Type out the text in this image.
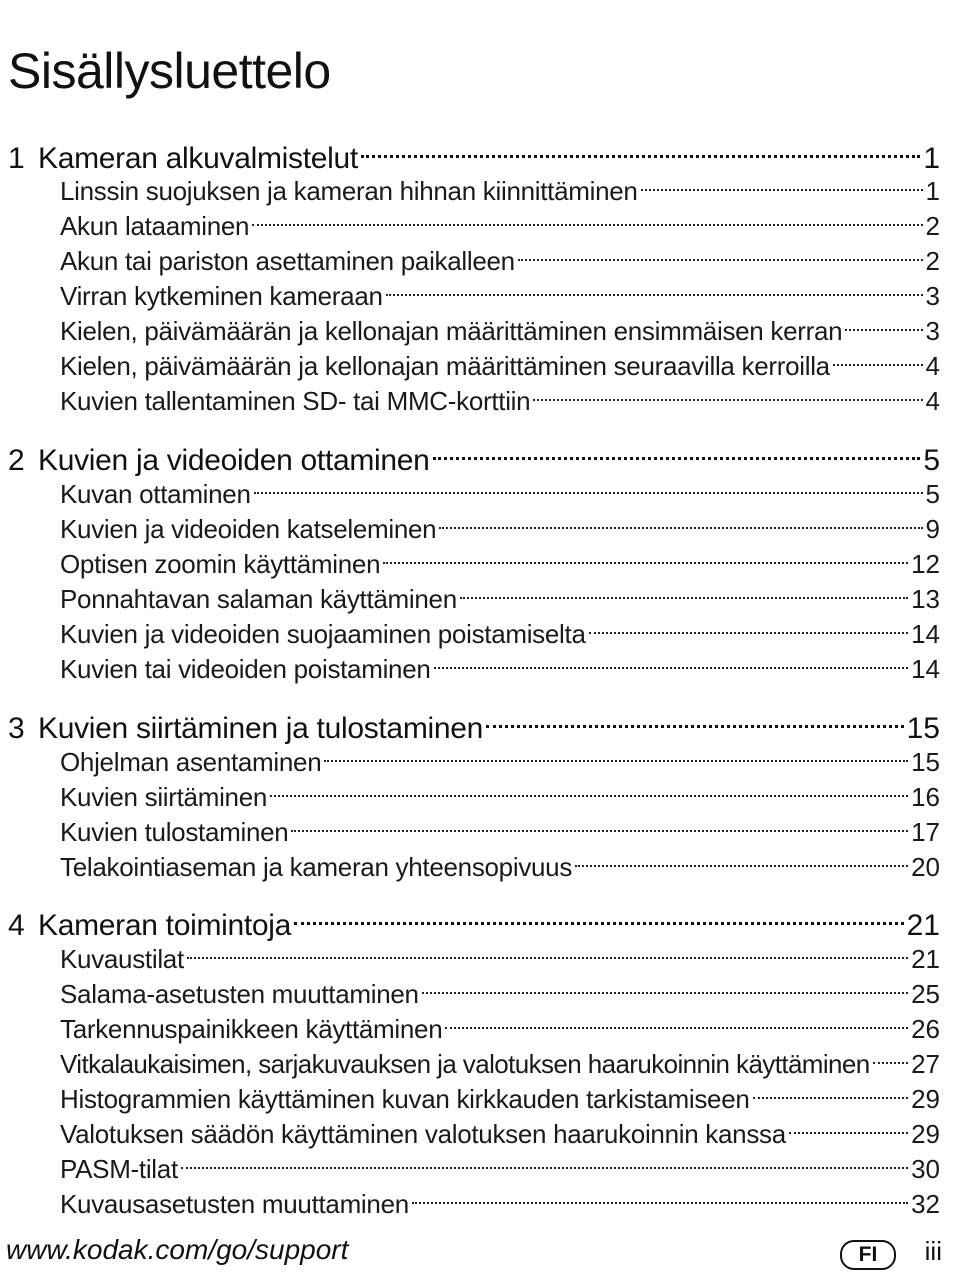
Sisällysluettelo
1 Kameran alkuvalmistelut	1
Linssin suojuksen ja kameran hihnan kiinnittäminen	1
Akun lataaminen	2
Akun tai pariston asettaminen paikalleen	2
Virran kytkeminen kameraan	3
Kielen, päivämäärän ja kellonajan määrittäminen ensimmäisen kerran	3
Kielen, päivämäärän ja kellonajan määrittäminen seuraavilla kerroilla	4
Kuvien tallentaminen SD- tai MMC-korttiin	4
2 Kuvien ja videoiden ottaminen	5
Kuvan ottaminen	5
Kuvien ja videoiden katseleminen	9
Optisen zoomin käyttäminen	12
Ponnahtavan salaman käyttäminen	13
Kuvien ja videoiden suojaaminen poistamiselta	14
Kuvien tai videoiden poistaminen	14
3 Kuvien siirtäminen ja tulostaminen	15
Ohjelman asentaminen	15
Kuvien siirtäminen	16
Kuvien tulostaminen	17
Telakointiaseman ja kameran yhteensopivuus	20
4 Kameran toimintoja	21
Kuvaustilat	21
Salama-asetusten muuttaminen	25
Tarkennuspainikkeen käyttäminen	26
Vitkalaukaisimen, sarjakuvauksen ja valotuksen haarukoinnin käyttäminen 27
Histogrammien käyttäminen kuvan kirkkauden tarkistamiseen	29
Valotuksen säädön käyttäminen valotuksen haarukoinnin kanssa	29
PASM-tilat	30
Kuvausasetusten muuttaminen	32
www.kodak.com/go/support	FI	iii
